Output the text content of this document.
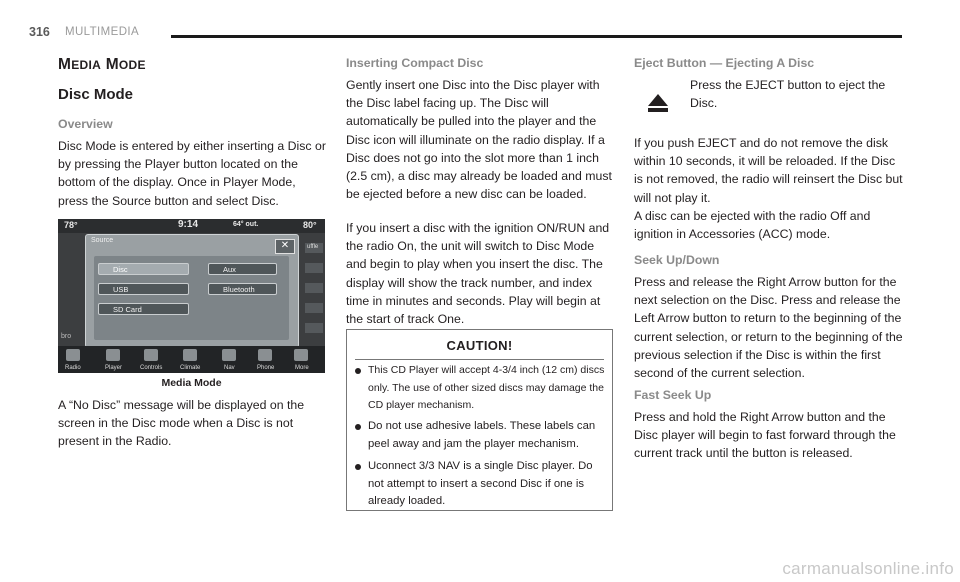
316 MULTIMEDIA
MEDIA MODE
Disc Mode
Overview

Disc Mode is entered by either inserting a Disc or by pressing the Player button located on the bottom of the display. Once in Player Mode, press the Source button and select Disc.

Media Mode

A “No Disc” message will be displayed on the screen in the Disc mode when a Disc is not present in the Radio.

78°	9:14	64° out.	80°
uffle
bro
Source	✕
Disc	Aux
USB	Bluetooth
SD Card
Radio	Player	Controls	Climate	Nav	Phone	More
Inserting Compact Disc

Gently insert one Disc into the Disc player with the Disc label facing up. The Disc will automatically be pulled into the player and the Disc icon will illuminate on the radio display. If a Disc does not go into the slot more than 1 inch (2.5 cm), a disc may already be loaded and must be ejected before a new disc can be loaded.

If you insert a disc with the ignition ON/RUN and the radio On, the unit will switch to Disc Mode and begin to play when you insert the disc. The display will show the track number, and index time in minutes and seconds. Play will begin at the start of track One.

CAUTION!
This CD Player will accept 4-3/4 inch (12 cm) discs only. The use of other sized discs may damage the CD player mechanism.
Do not use adhesive labels. These labels can peel away and jam the player mechanism.
Uconnect 3/3 NAV is a single Disc player. Do not attempt to insert a second Disc if one is already loaded.
Eject Button — Ejecting A Disc

Press the EJECT button to eject the Disc.

If you push EJECT and do not remove the disk within 10 seconds, it will be reloaded. If the Disc is not removed, the radio will reinsert the Disc but will not play it.

A disc can be ejected with the radio Off and ignition in Accessories (ACC) mode.

Seek Up/Down

Press and release the Right Arrow button for the next selection on the Disc. Press and release the Left Arrow button to return to the beginning of the current selection, or return to the beginning of the previous selection if the Disc is within the first second of the current selection.

Fast Seek Up

Press and hold the Right Arrow button and the Disc player will begin to fast forward through the current track until the button is released.

carmanualsonline.info
